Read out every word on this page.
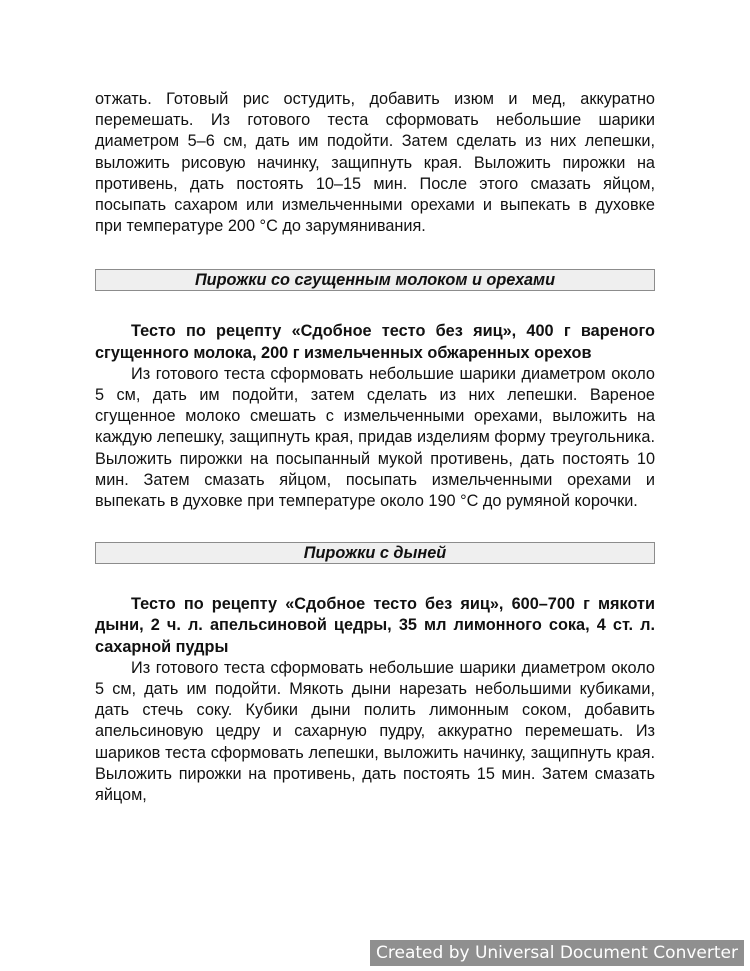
отжать. Готовый рис остудить, добавить изюм и мед, аккуратно перемешать. Из готового теста сформовать небольшие шарики диаметром 5–6 см, дать им подойти. Затем сделать из них лепешки, выложить рисовую начинку, защипнуть края. Выложить пирожки на противень, дать постоять 10–15 мин. После этого смазать яйцом, посыпать сахаром или измельченными орехами и выпекать в духовке при температуре 200 °C до зарумянивания.

Пирожки со сгущенным молоком и орехами

Тесто по рецепту «Сдобное тесто без яиц», 400 г вареного сгущенного молока, 200 г измельченных обжаренных орехов

Из готового теста сформовать небольшие шарики диаметром около 5 см, дать им подойти, затем сделать из них лепешки. Вареное сгущенное молоко смешать с измельченными орехами, выложить на каждую лепешку, защипнуть края, придав изделиям форму треугольника. Выложить пирожки на посыпанный мукой противень, дать постоять 10 мин. Затем смазать яйцом, посыпать измельченными орехами и выпекать в духовке при температуре около 190 °C до румяной корочки.

Пирожки с дыней

Тесто по рецепту «Сдобное тесто без яиц», 600–700 г мякоти дыни, 2 ч. л. апельсиновой цедры, 35 мл лимонного сока, 4 ст. л. сахарной пудры

Из готового теста сформовать небольшие шарики диаметром около 5 см, дать им подойти. Мякоть дыни нарезать небольшими кубиками, дать стечь соку. Кубики дыни полить лимонным соком, добавить апельсиновую цедру и сахарную пудру, аккуратно перемешать. Из шариков теста сформовать лепешки, выложить начинку, защипнуть края. Выложить пирожки на противень, дать постоять 15 мин. Затем смазать яйцом,

Created by Universal Document Converter
